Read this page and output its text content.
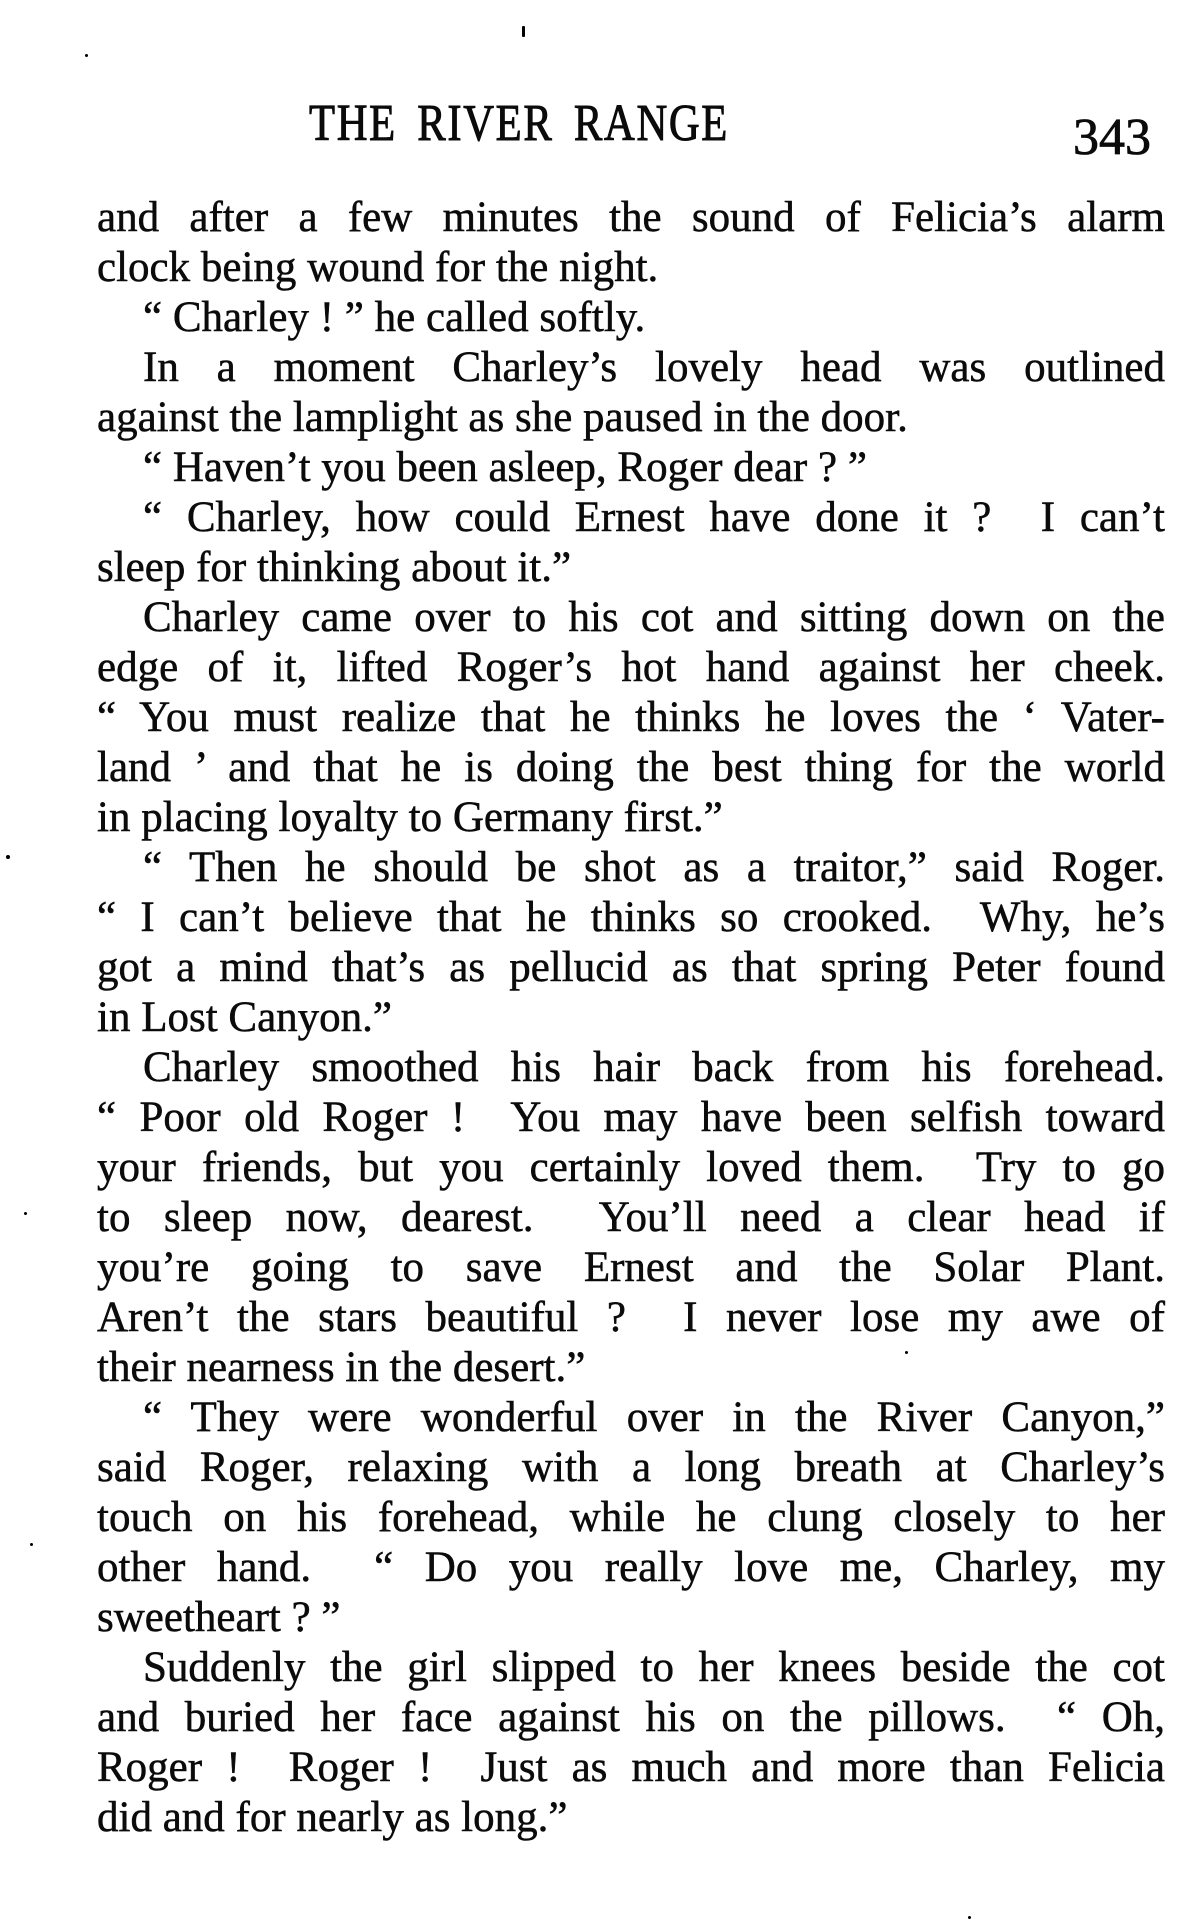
THE RIVER RANGE	343

and after a few minutes the sound of Felicia’s alarm
clock being wound for the night.

“ Charley ! ” he called softly.

In a moment Charley’s lovely head was outlined
against the lamplight as she paused in the door.

“ Haven’t you been asleep, Roger dear ? ”

“ Charley, how could Ernest have done it ?  I can’t
sleep for thinking about it.”

Charley came over to his cot and sitting down on the
edge of it, lifted Roger’s hot hand against her cheek.
“ You must realize that he thinks he loves the ‘ Vater-
land ’ and that he is doing the best thing for the world
in placing loyalty to Germany first.”

“ Then he should be shot as a traitor,” said Roger.
“ I can’t believe that he thinks so crooked.  Why, he’s
got a mind that’s as pellucid as that spring Peter found
in Lost Canyon.”

Charley smoothed his hair back from his forehead.
“ Poor old Roger !  You may have been selfish toward
your friends, but you certainly loved them.  Try to go
to sleep now, dearest.  You’ll need a clear head if
you’re going to save Ernest and the Solar Plant.
Aren’t the stars beautiful ?  I never lose my awe of
their nearness in the desert.”

“ They were wonderful over in the River Canyon,”
said Roger, relaxing with a long breath at Charley’s
touch on his forehead, while he clung closely to her
other hand.  “ Do you really love me, Charley, my
sweetheart ? ”

Suddenly the girl slipped to her knees beside the cot
and buried her face against his on the pillows.  “ Oh,
Roger !  Roger !  Just as much and more than Felicia
did and for nearly as long.”
